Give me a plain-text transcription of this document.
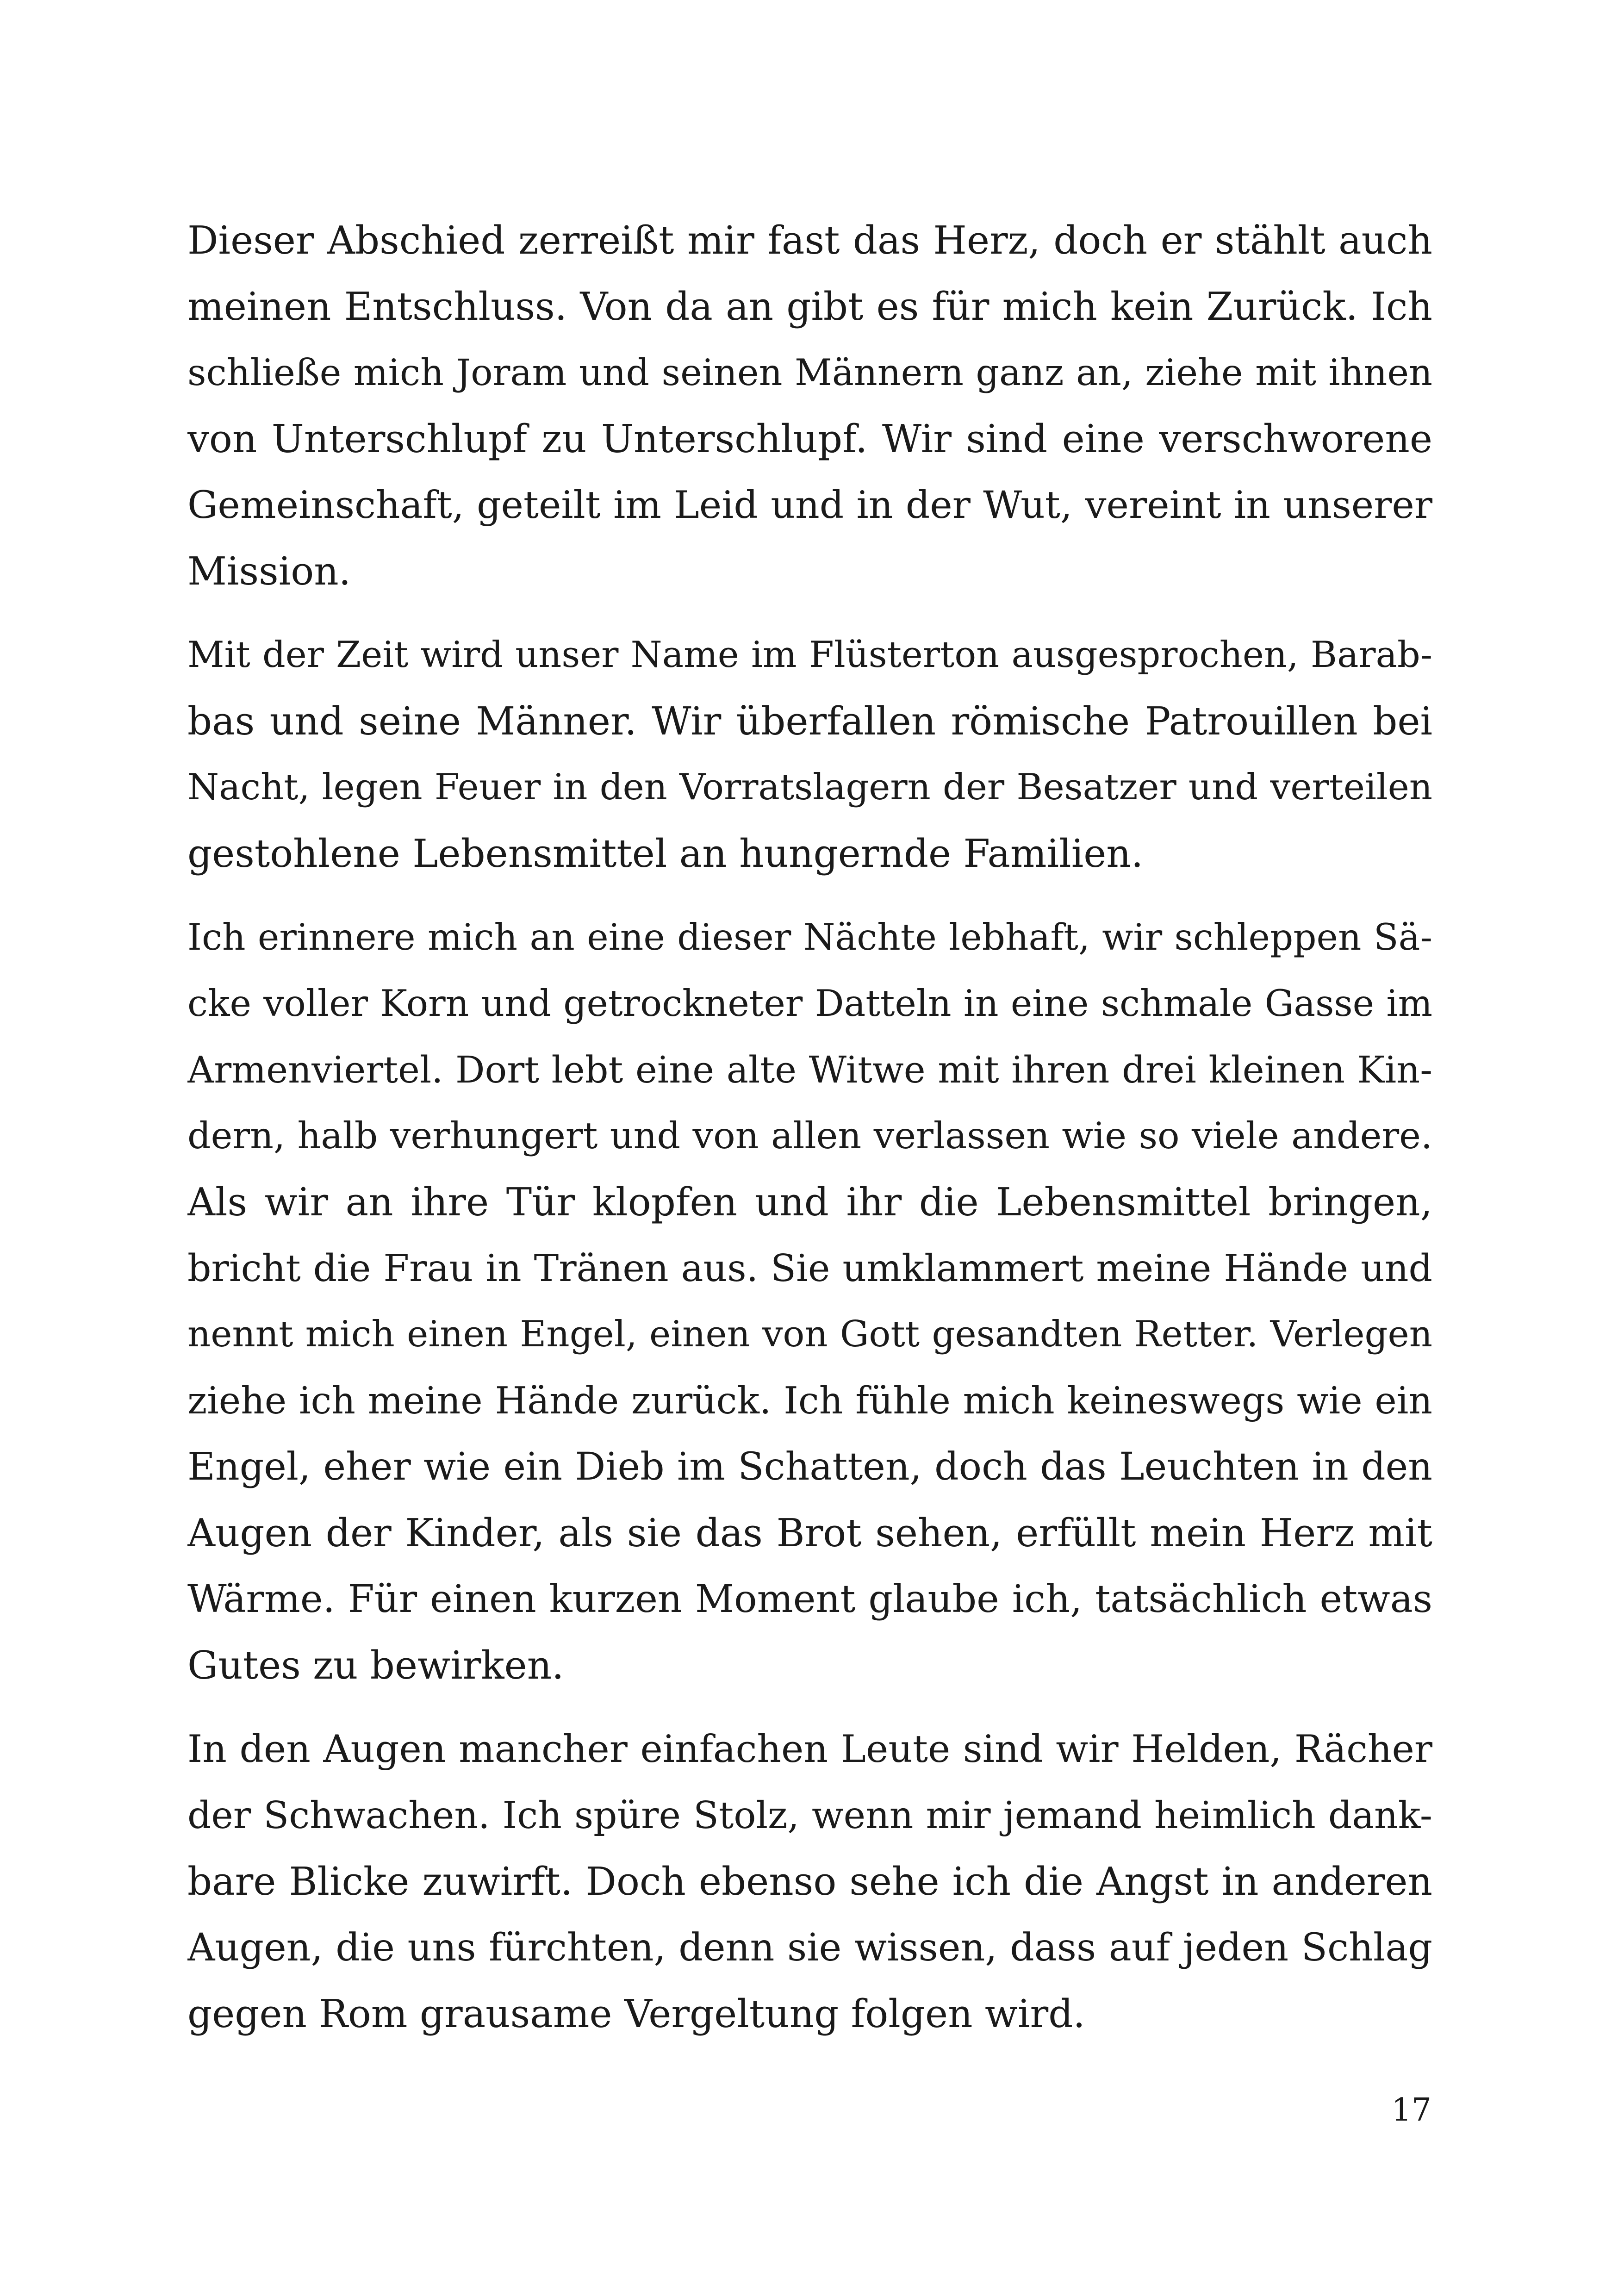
Dieser Abschied zerreißt mir fast das Herz, doch er stählt auch
meinen Entschluss. Von da an gibt es für mich kein Zurück. Ich
schließe mich Joram und seinen Männern ganz an, ziehe mit ihnen
von Unterschlupf zu Unterschlupf. Wir sind eine verschworene
Gemeinschaft, geteilt im Leid und in der Wut, vereint in unserer
Mission.
Mit der Zeit wird unser Name im Flüsterton ausgesprochen, Barab-
bas und seine Männer. Wir überfallen römische Patrouillen bei
Nacht, legen Feuer in den Vorratslagern der Besatzer und verteilen
gestohlene Lebensmittel an hungernde Familien.
Ich erinnere mich an eine dieser Nächte lebhaft, wir schleppen Sä-
cke voller Korn und getrockneter Datteln in eine schmale Gasse im
Armenviertel. Dort lebt eine alte Witwe mit ihren drei kleinen Kin-
dern, halb verhungert und von allen verlassen wie so viele andere.
Als wir an ihre Tür klopfen und ihr die Lebensmittel bringen,
bricht die Frau in Tränen aus. Sie umklammert meine Hände und
nennt mich einen Engel, einen von Gott gesandten Retter. Verlegen
ziehe ich meine Hände zurück. Ich fühle mich keineswegs wie ein
Engel, eher wie ein Dieb im Schatten, doch das Leuchten in den
Augen der Kinder, als sie das Brot sehen, erfüllt mein Herz mit
Wärme. Für einen kurzen Moment glaube ich, tatsächlich etwas
Gutes zu bewirken.
In den Augen mancher einfachen Leute sind wir Helden, Rächer
der Schwachen. Ich spüre Stolz, wenn mir jemand heimlich dank-
bare Blicke zuwirft. Doch ebenso sehe ich die Angst in anderen
Augen, die uns fürchten, denn sie wissen, dass auf jeden Schlag
gegen Rom grausame Vergeltung folgen wird.
17
